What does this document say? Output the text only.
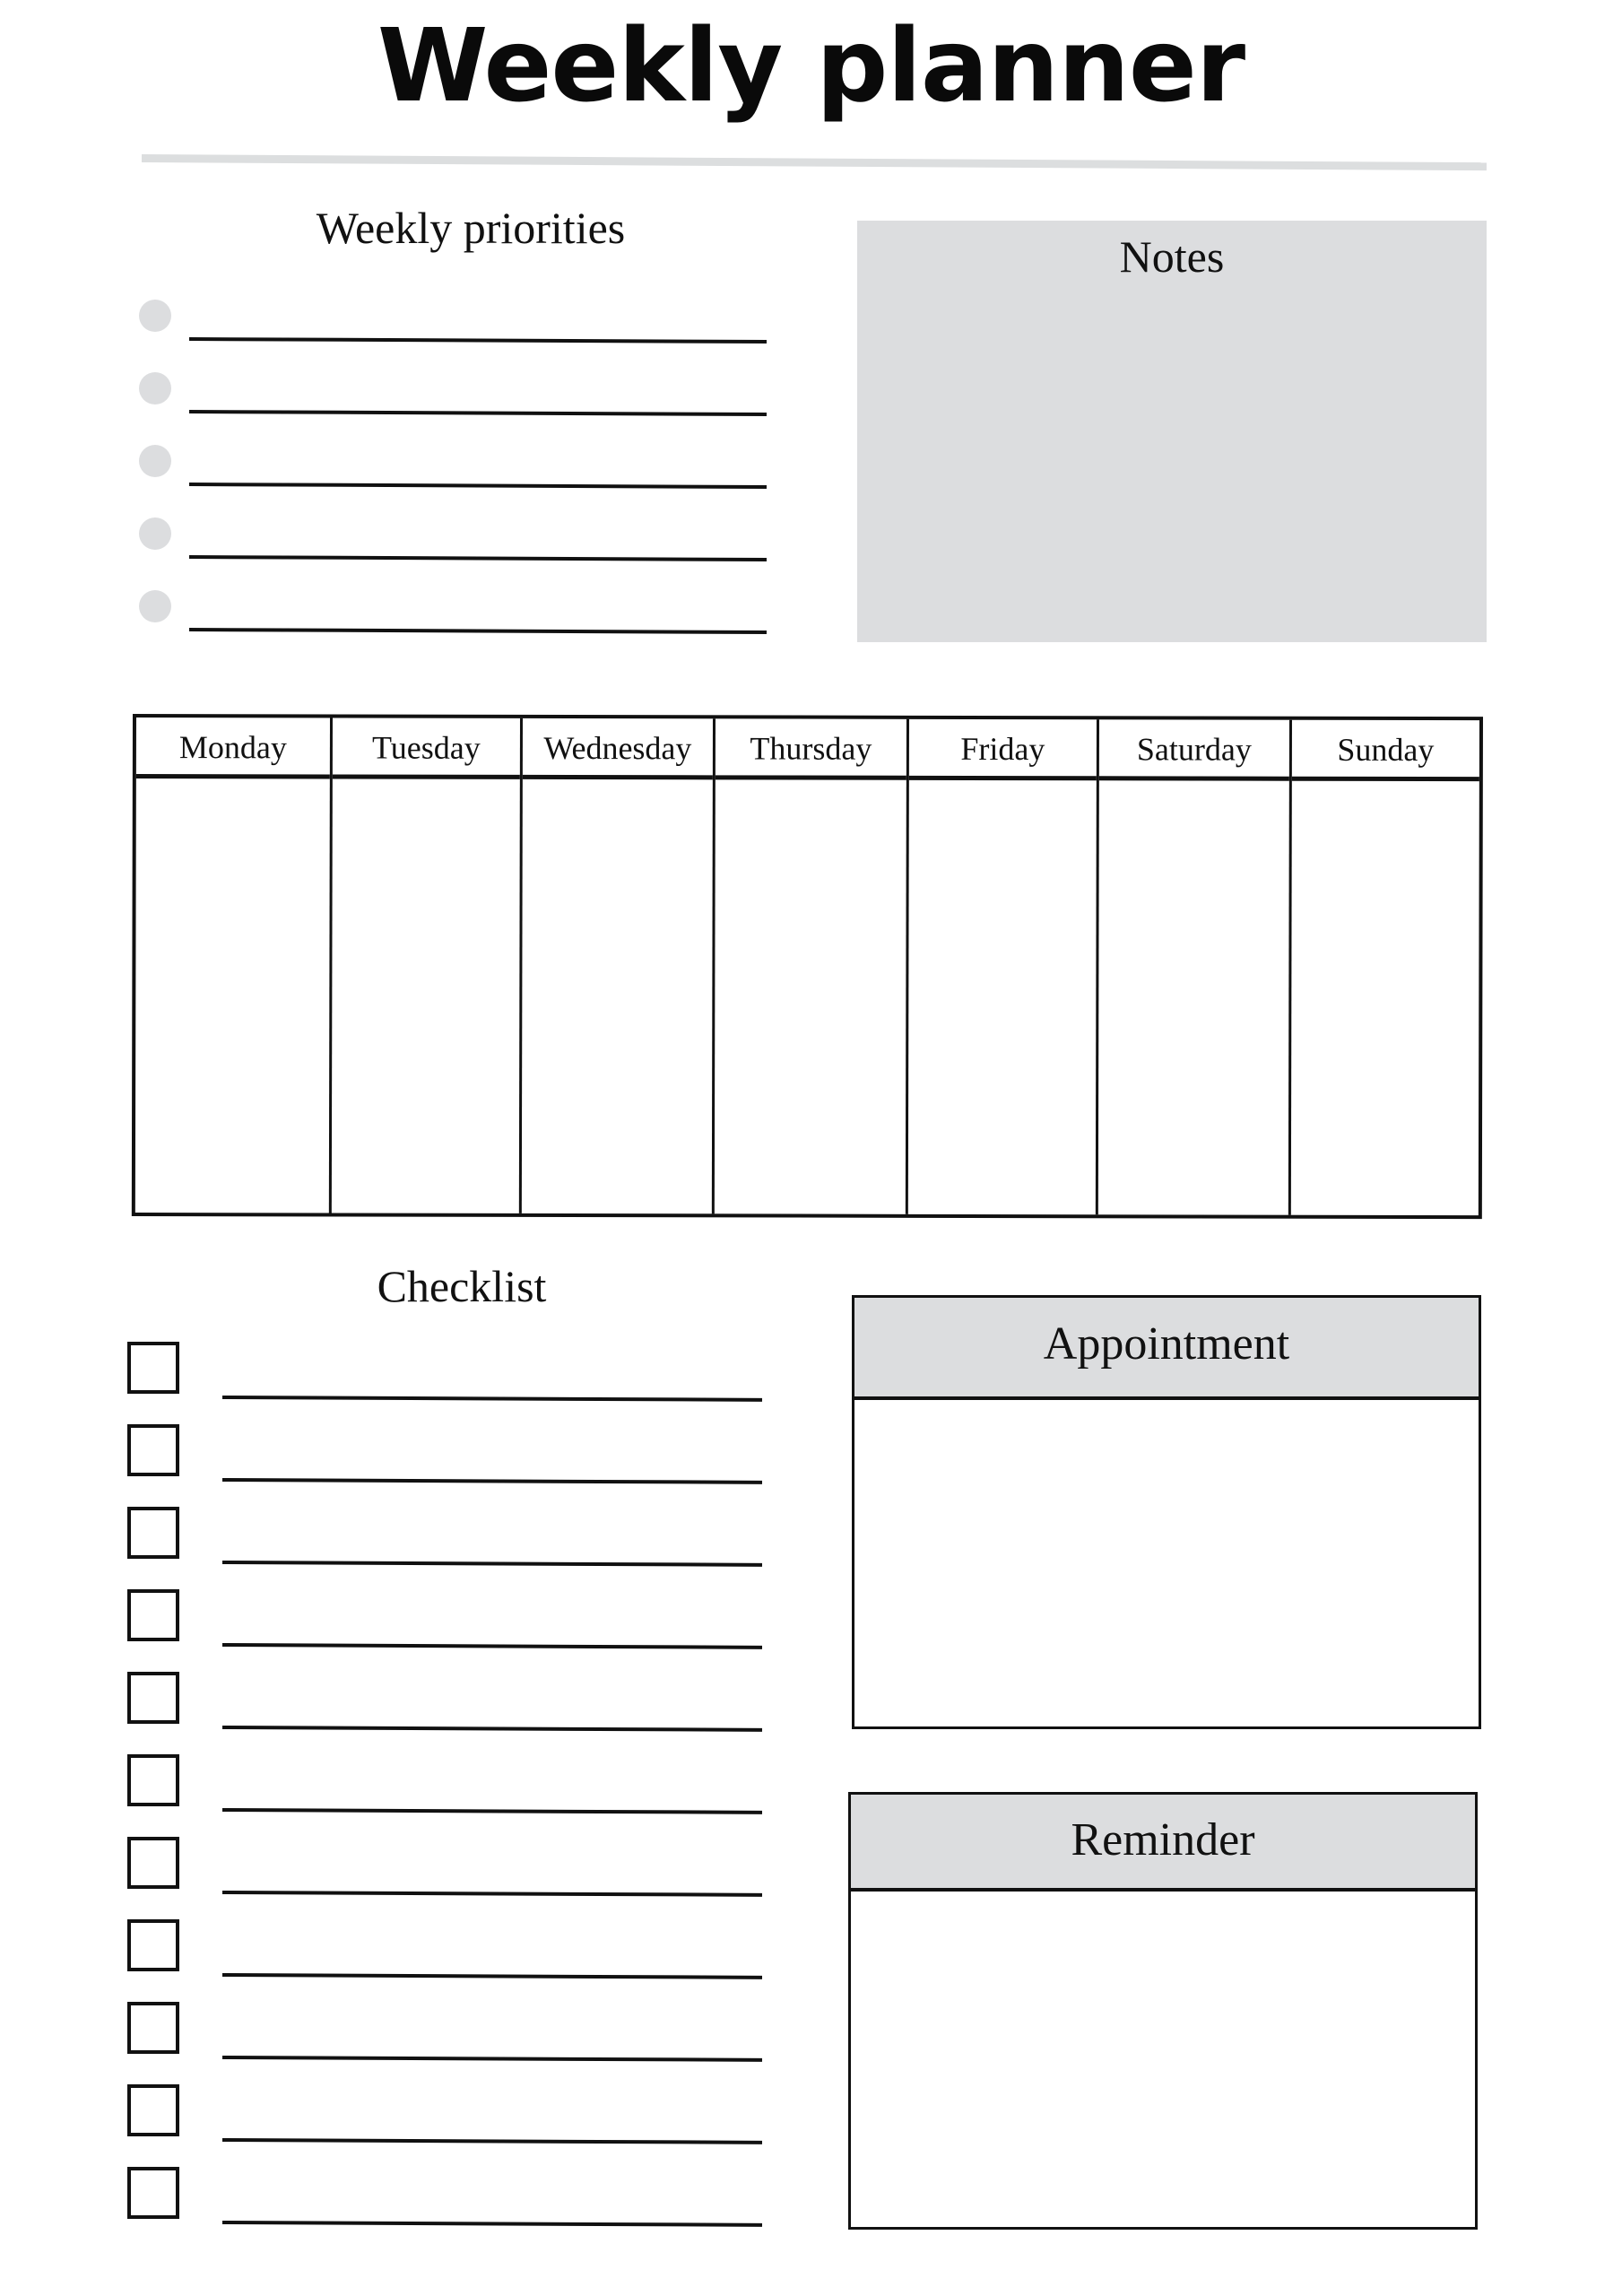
Weekly planner
Weekly priorities
Notes
Monday	Tuesday	Wednesday	Thursday	Friday	Saturday	Sunday
Checklist
Appointment
Reminder
